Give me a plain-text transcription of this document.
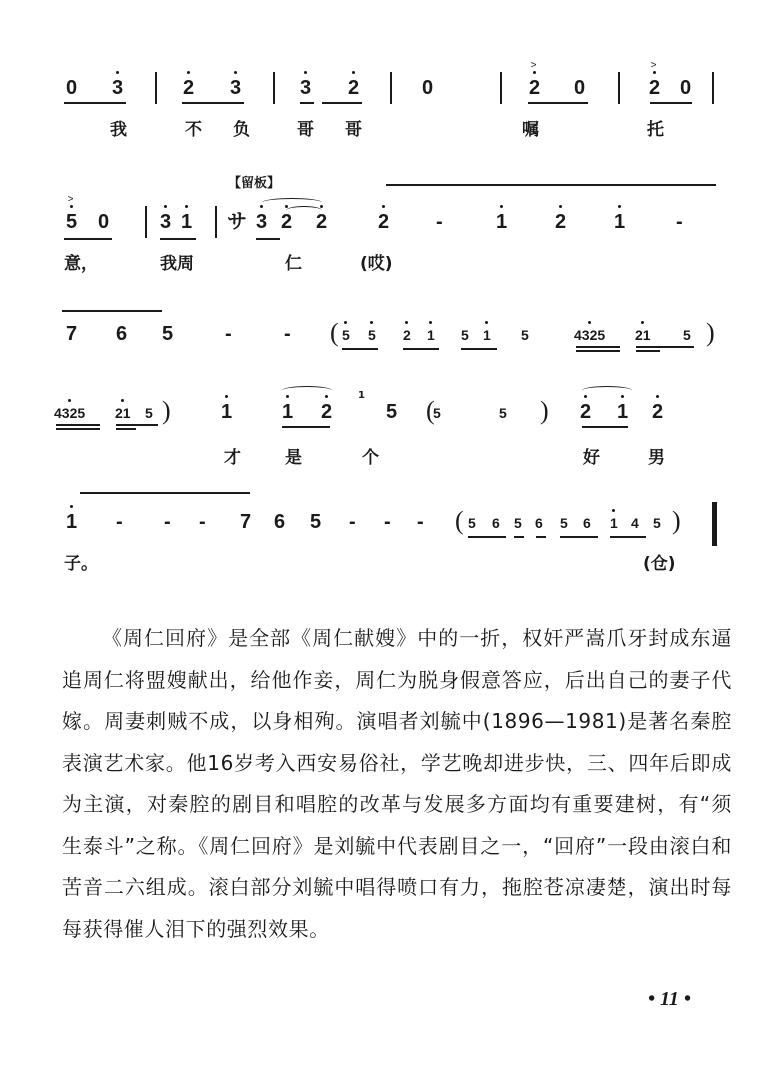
0 3	2 3	3 2	0	2
>
0	2
>
0
我	不 负	哥 哥	嘱	托
【留板】
5
>
0	3 1 サ 3 2 2	2 -	1 2 1	-
意，	我周	仁	(哎)
7 6 5	-	-	5 5 2 1 5 1 5	4325 21 5
(	)
4325 21 5	1 1 2	5	5	5	2 1 2
才	是	个	好	男
)	(	)
1
1 - - - 7 6 5 - - -	5 6 5 6 5 6 1 4 5
子。	(仓)
(	)
《周仁回府》是全部《周仁献嫂》中的一折，权奸严嵩爪牙封成东逼追周仁将盟嫂献出，给他作妾，周仁为脱身假意答应，后出自己的妻子代嫁。周妻刺贼不成，以身相殉。演唱者刘毓中(1896—1981)是著名秦腔表演艺术家。他16岁考入西安易俗社，学艺晚却进步快，三、四年后即成为主演，对秦腔的剧目和唱腔的改革与发展多方面均有重要建树，有“须生泰斗”之称。《周仁回府》是刘毓中代表剧目之一，“回府”一段由滚白和苦音二六组成。滚白部分刘毓中唱得喷口有力，拖腔苍凉凄楚，演出时每每获得催人泪下的强烈效果。
• 11 •
